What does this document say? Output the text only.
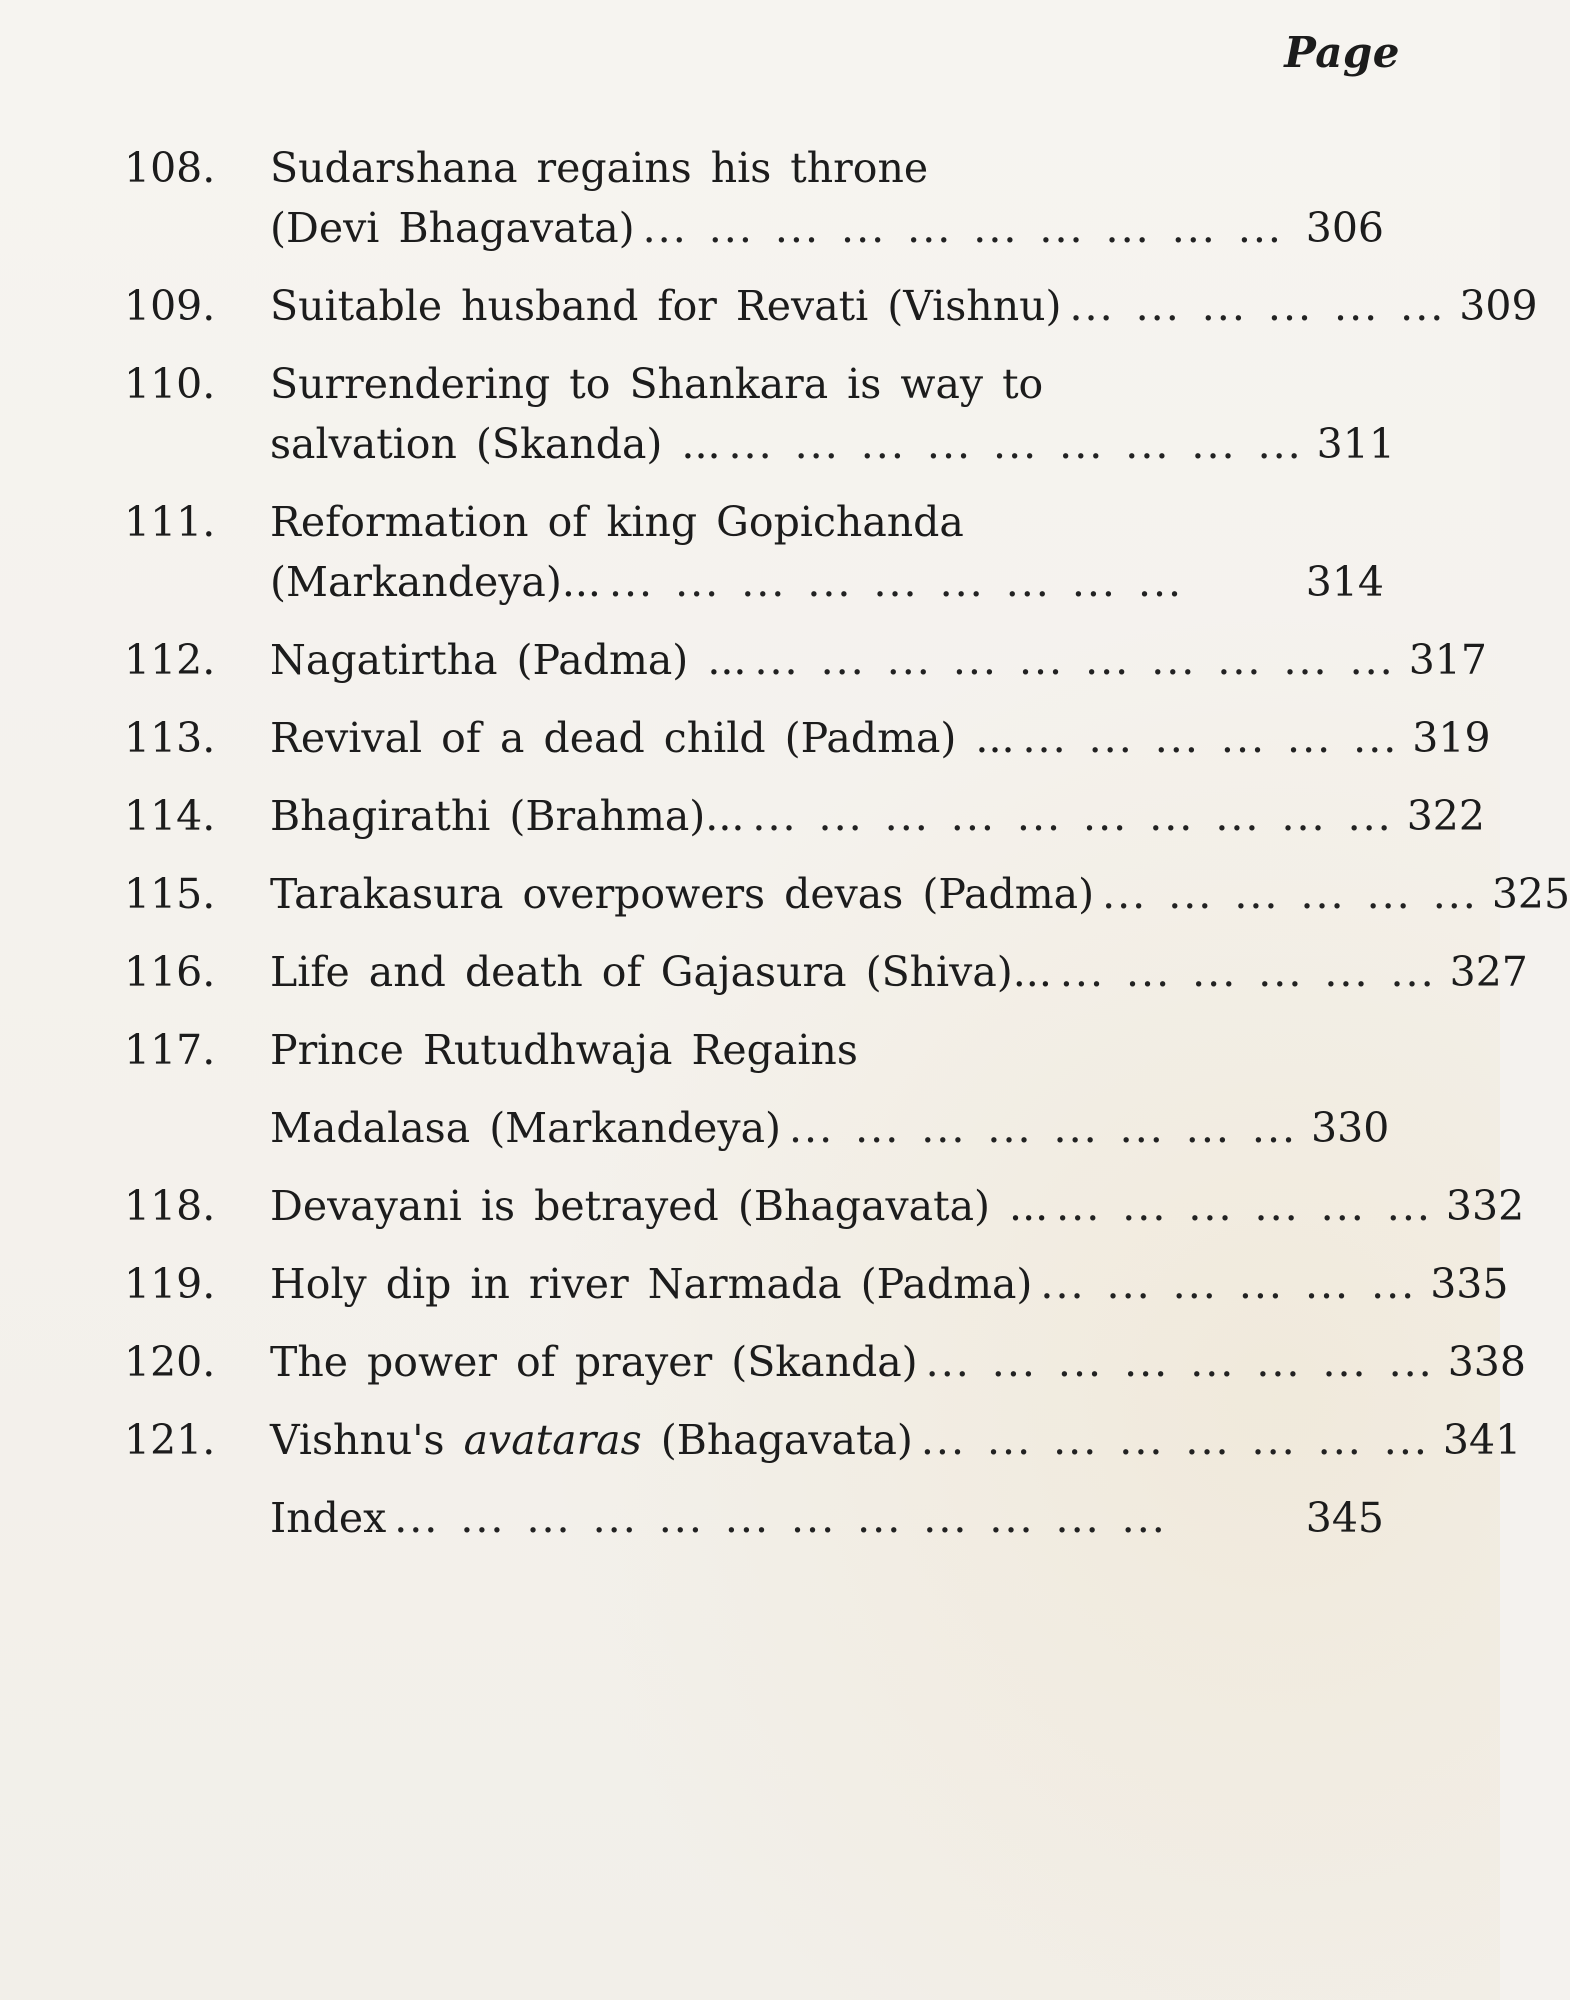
Page
108.	Sudarshana regains his throne
(Devi Bhagavata) ... ... ... ... ... ... ... ... ... ... 306
109.	Suitable husband for Revati (Vishnu) ... ... ... ... ... ... 309
110.	Surrendering to Shankara is way to
salvation (Skanda) ... ... ... ... ... ... ... ... ... ... 311
111.	Reformation of king Gopichanda
(Markandeya)... ... ... ... ... ... ... ... ... ...	314
112.	Nagatirtha (Padma) ... ... ... ... ... ... ... ... ... ... ... 317
113.	Revival of a dead child (Padma) ... ... ... ... ... ... ... 319
114.	Bhagirathi (Brahma)... ... ... ... ... ... ... ... ... ... ... 322
115.	Tarakasura overpowers devas (Padma) ... ... ... ... ... ... 325
116.	Life and death of Gajasura (Shiva)... ... ... ... ... ... ... 327
117.	Prince Rutudhwaja Regains
Madalasa (Markandeya) ... ... ... ... ... ... ... ... 330
118.	Devayani is betrayed (Bhagavata) ... ... ... ... ... ... ... 332
119.	Holy dip in river Narmada (Padma) ... ... ... ... ... ... 335
120.	The power of prayer (Skanda) ... ... ... ... ... ... ... ... 338
121.	Vishnu's avataras (Bhagavata) ... ... ... ... ... ... ... ... 341
Index ... ... ... ... ... ... ... ... ... ... ... ...	345
